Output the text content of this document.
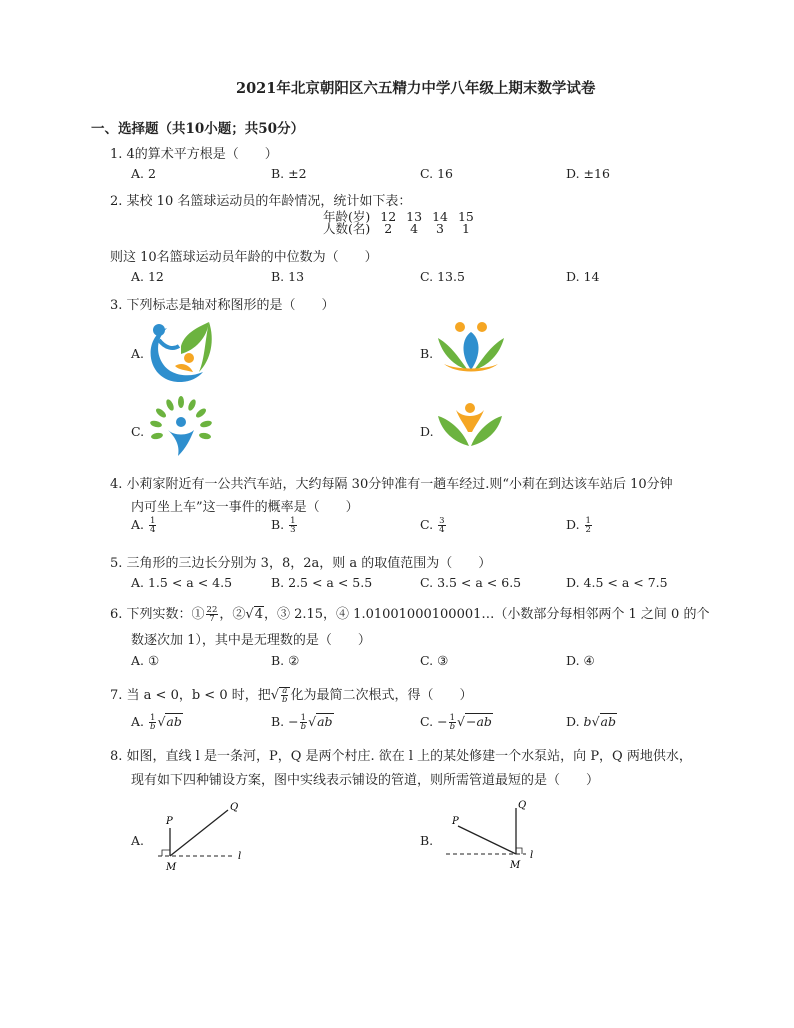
2021年北京朝阳区六五精力中学八年级上期末数学试卷
一、选择题（共10小题；共50分）
1. 4的算术平方根是（　　）
A. 2	B. ±2	C. 16	D. ±16
2. 某校 10 名篮球运动员的年龄情况，统计如下表：
年龄(岁)	12	13	14	15
人数(名)	2	4	3	1
则这 10名篮球运动员年龄的中位数为（　　）
A. 12	B. 13	C. 13.5	D. 14
3. 下列标志是轴对称图形的是（　　）
A.	B.
C.	D.
4. 小莉家附近有一公共汽车站，大约每隔 30分钟准有一趟车经过.则“小莉在到达该车站后 10分钟
内可坐上车”这一事件的概率是（　　）
A. $\frac{1}{4}$	B. $\frac{1}{3}$	C. $\frac{3}{4}$	D. $\frac{1}{2}$
5. 三角形的三边长分别为 3，8，2a，则 a 的取值范围为（　　）
A. 1.5 < a < 4.5	B. 2.5 < a < 5.5	C. 3.5 < a < 6.5	D. 4.5 < a < 7.5
6. 下列实数：① $\frac{22}{7}$ ，②√4，③ 2.15，④ 1.01001000100001…（小数部分每相邻两个 1 之间 0 的个
数逐次加 1），其中是无理数的是（　　）
A. ①	B. ②	C. ③	D. ④
7. 当 a < 0，b < 0 时，把√ $\frac{a}{b}$ 化为最简二次根式，得（　　）
A. $\frac{1}{b} √ab$	B. − $\frac{1}{b} √ab$	C. − $\frac{1}{b} √-ab$	D. b√ab
8. 如图，直线 l 是一条河，P，Q 是两个村庄. 欲在 l 上的某处修建一个水泵站，向 P，Q 两地供水，
现有如下四种铺设方案，图中实线表示铺设的管道，则所需管道最短的是（　　）
A.
P
Q
M
l
B.
P
Q
M
l
